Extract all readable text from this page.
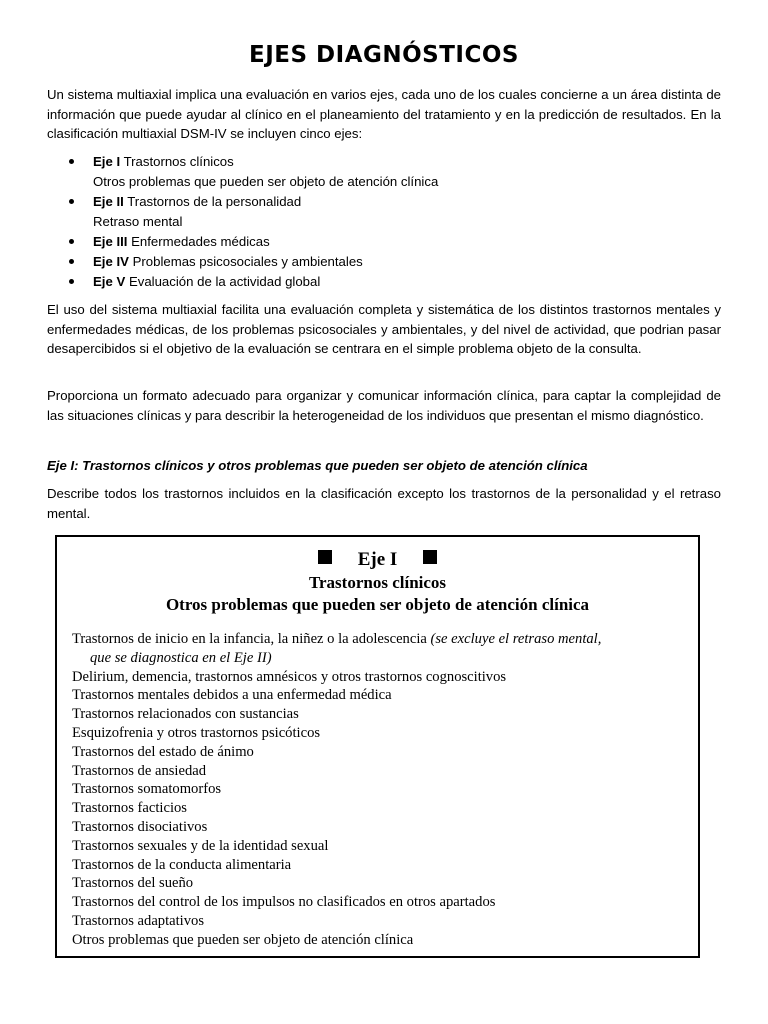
EJES DIAGNÓSTICOS
Un sistema multiaxial implica una evaluación en varios ejes, cada uno de los cuales concierne a un área distinta de información que puede ayudar al clínico en el planeamiento del tratamiento y en la predicción de resultados. En la clasificación multiaxial DSM-IV se incluyen cinco ejes:
Eje I Trastornos clínicos
Otros problemas que pueden ser objeto de atención clínica
Eje II Trastornos de la personalidad
Retraso mental
Eje III Enfermedades médicas
Eje IV Problemas psicosociales y ambientales
Eje V Evaluación de la actividad global
El uso del sistema multiaxial facilita una evaluación completa y sistemática de los distintos trastornos mentales y enfermedades médicas, de los problemas psicosociales y ambientales, y del nivel de actividad, que podrian pasar desapercibidos si el objetivo de la evaluación se centrara en el simple problema objeto de la consulta.
Proporciona un formato adecuado para organizar y comunicar información clínica, para captar la complejidad de las situaciones clínicas y para describir la heterogeneidad de los individuos que presentan el mismo diagnóstico.
Eje I: Trastornos clínicos y otros problemas que pueden ser objeto de atención clínica
Describe todos los trastornos incluidos en la clasificación excepto los trastornos de la personalidad y el retraso mental.
Eje I
Trastornos clínicos
Otros problemas que pueden ser objeto de atención clínica
Trastornos de inicio en la infancia, la niñez o la adolescencia (se excluye el retraso mental,
que se diagnostica en el Eje II)
Delirium, demencia, trastornos amnésicos y otros trastornos cognoscitivos
Trastornos mentales debidos a una enfermedad médica
Trastornos relacionados con sustancias
Esquizofrenia y otros trastornos psicóticos
Trastornos del estado de ánimo
Trastornos de ansiedad
Trastornos somatomorfos
Trastornos facticios
Trastornos disociativos
Trastornos sexuales y de la identidad sexual
Trastornos de la conducta alimentaria
Trastornos del sueño
Trastornos del control de los impulsos no clasificados en otros apartados
Trastornos adaptativos
Otros problemas que pueden ser objeto de atención clínica
